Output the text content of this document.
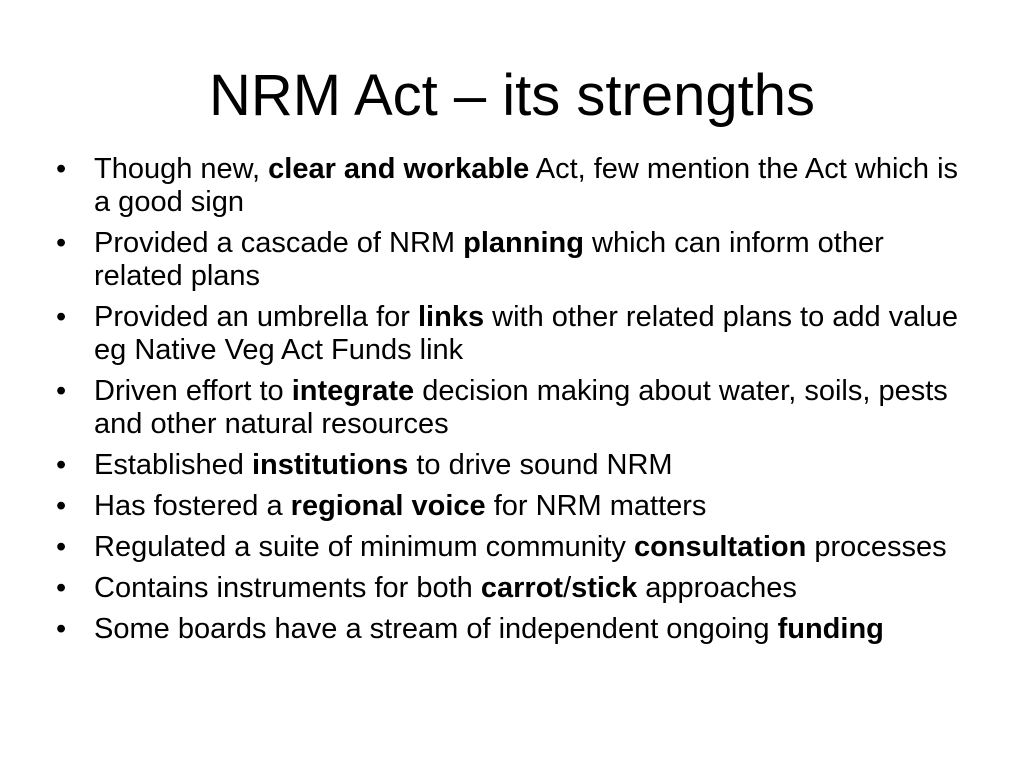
NRM Act – its strengths
• Though new, clear and workable Act, few mention the Act which is a good sign
• Provided a cascade of NRM planning which can inform other related plans
• Provided an umbrella for links with other related plans to add value eg Native Veg Act Funds link
• Driven effort to integrate decision making about water, soils, pests and other natural resources
• Established institutions to drive sound NRM
• Has fostered a regional voice for NRM matters
• Regulated a suite of minimum community consultation processes
• Contains instruments for both carrot/stick approaches
• Some boards have a stream of independent ongoing funding
